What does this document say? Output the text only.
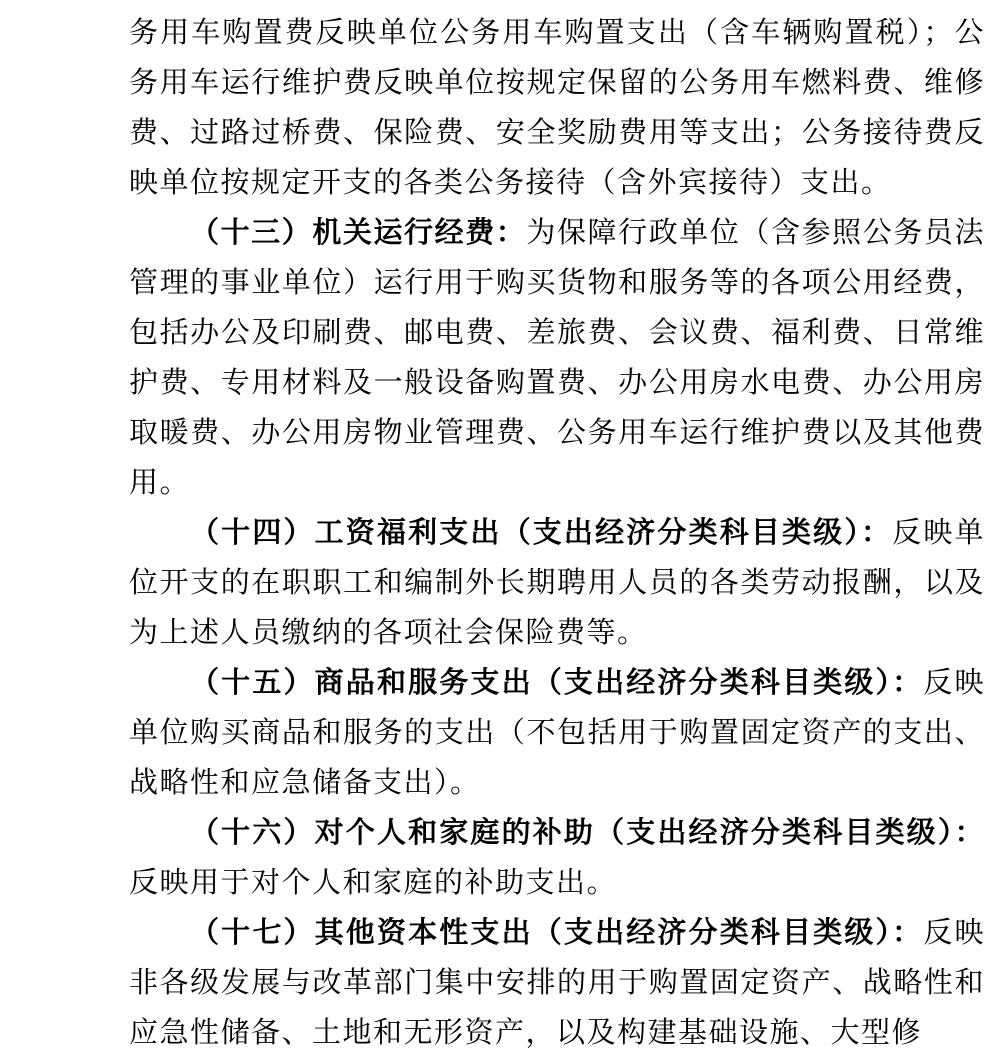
务用车购置费反映单位公务用车购置支出（含车辆购置税）；公务用车运行维护费反映单位按规定保留的公务用车燃料费、维修费、过路过桥费、保险费、安全奖励费用等支出；公务接待费反映单位按规定开支的各类公务接待（含外宾接待）支出。

（十三）机关运行经费：为保障行政单位（含参照公务员法管理的事业单位）运行用于购买货物和服务等的各项公用经费，包括办公及印刷费、邮电费、差旅费、会议费、福利费、日常维护费、专用材料及一般设备购置费、办公用房水电费、办公用房取暖费、办公用房物业管理费、公务用车运行维护费以及其他费用。

（十四）工资福利支出（支出经济分类科目类级）：反映单位开支的在职职工和编制外长期聘用人员的各类劳动报酬，以及为上述人员缴纳的各项社会保险费等。

（十五）商品和服务支出（支出经济分类科目类级）：反映单位购买商品和服务的支出（不包括用于购置固定资产的支出、战略性和应急储备支出）。

（十六）对个人和家庭的补助（支出经济分类科目类级）：反映用于对个人和家庭的补助支出。

（十七）其他资本性支出（支出经济分类科目类级）：反映非各级发展与改革部门集中安排的用于购置固定资产、战略性和应急性储备、土地和无形资产，以及构建基础设施、大型修
